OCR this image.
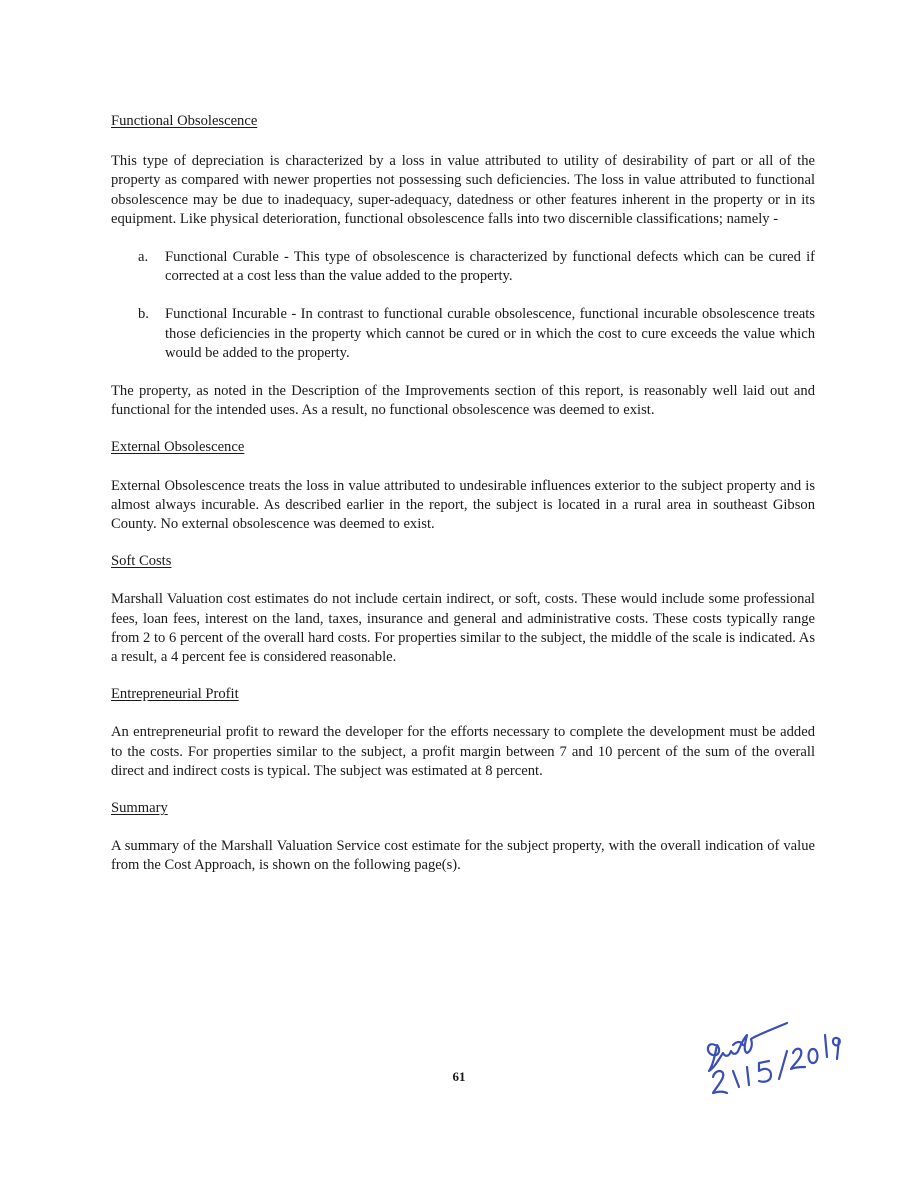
Functional Obsolescence

This type of depreciation is characterized by a loss in value attributed to utility of desirability of part or all of the property as compared with newer properties not possessing such deficiencies. The loss in value attributed to functional obsolescence may be due to inadequacy, super-adequacy, datedness or other features inherent in the property or in its equipment. Like physical deterioration, functional obsolescence falls into two discernible classifications; namely -

a.	Functional Curable - This type of obsolescence is characterized by functional defects which can be cured if corrected at a cost less than the value added to the property.
b.	Functional Incurable - In contrast to functional curable obsolescence, functional incurable obsolescence treats those deficiencies in the property which cannot be cured or in which the cost to cure exceeds the value which would be added to the property.

The property, as noted in the Description of the Improvements section of this report, is reasonably well laid out and functional for the intended uses. As a result, no functional obsolescence was deemed to exist.

External Obsolescence

External Obsolescence treats the loss in value attributed to undesirable influences exterior to the subject property and is almost always incurable. As described earlier in the report, the subject is located in a rural area in southeast Gibson County. No external obsolescence was deemed to exist.

Soft Costs

Marshall Valuation cost estimates do not include certain indirect, or soft, costs. These would include some professional fees, loan fees, interest on the land, taxes, insurance and general and administrative costs. These costs typically range from 2 to 6 percent of the overall hard costs. For properties similar to the subject, the middle of the scale is indicated. As a result, a 4 percent fee is considered reasonable.

Entrepreneurial Profit

An entrepreneurial profit to reward the developer for the efforts necessary to complete the development must be added to the costs. For properties similar to the subject, a profit margin between 7 and 10 percent of the sum of the overall direct and indirect costs is typical. The subject was estimated at 8 percent.

Summary

A summary of the Marshall Valuation Service cost estimate for the subject property, with the overall indication of value from the Cost Approach, is shown on the following page(s).

61
